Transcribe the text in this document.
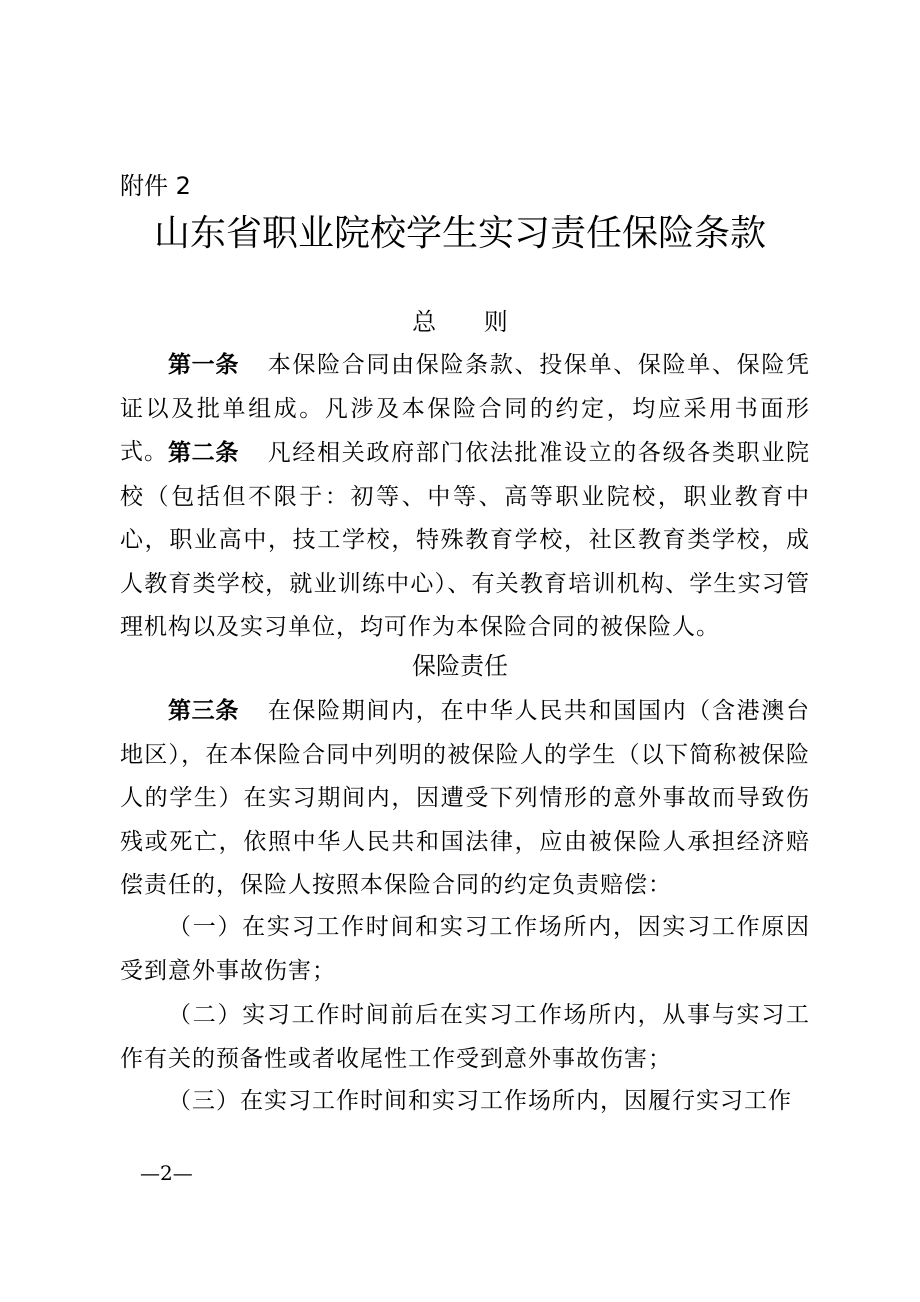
附件 2
山东省职业院校学生实习责任保险条款
总 则

第一条 本保险合同由保险条款、投保单、保险单、保险凭证以及批单组成。凡涉及本保险合同的约定，均应采用书面形式。 第二条 凡经相关政府部门依法批准设立的各级各类职业院校（包括但不限于：初等、中等、高等职业院校，职业教育中心，职业高中，技工学校，特殊教育学校，社区教育类学校，成人教育类学校，就业训练中心）、有关教育培训机构、学生实习管理机构以及实习单位，均可作为本保险合同的被保险人。

保险责任

第三条 在保险期间内，在中华人民共和国国内（含港澳台地区），在本保险合同中列明的被保险人的学生（以下简称被保险人的学生）在实习期间内，因遭受下列情形的意外事故而导致伤残或死亡，依照中华人民共和国法律，应由被保险人承担经济赔偿责任的，保险人按照本保险合同的约定负责赔偿：

（一）在实习工作时间和实习工作场所内，因实习工作原因受到意外事故伤害；

（二）实习工作时间前后在实习工作场所内，从事与实习工作有关的预备性或者收尾性工作受到意外事故伤害；

（三）在实习工作时间和实习工作场所内，因履行实习工作

—2—
